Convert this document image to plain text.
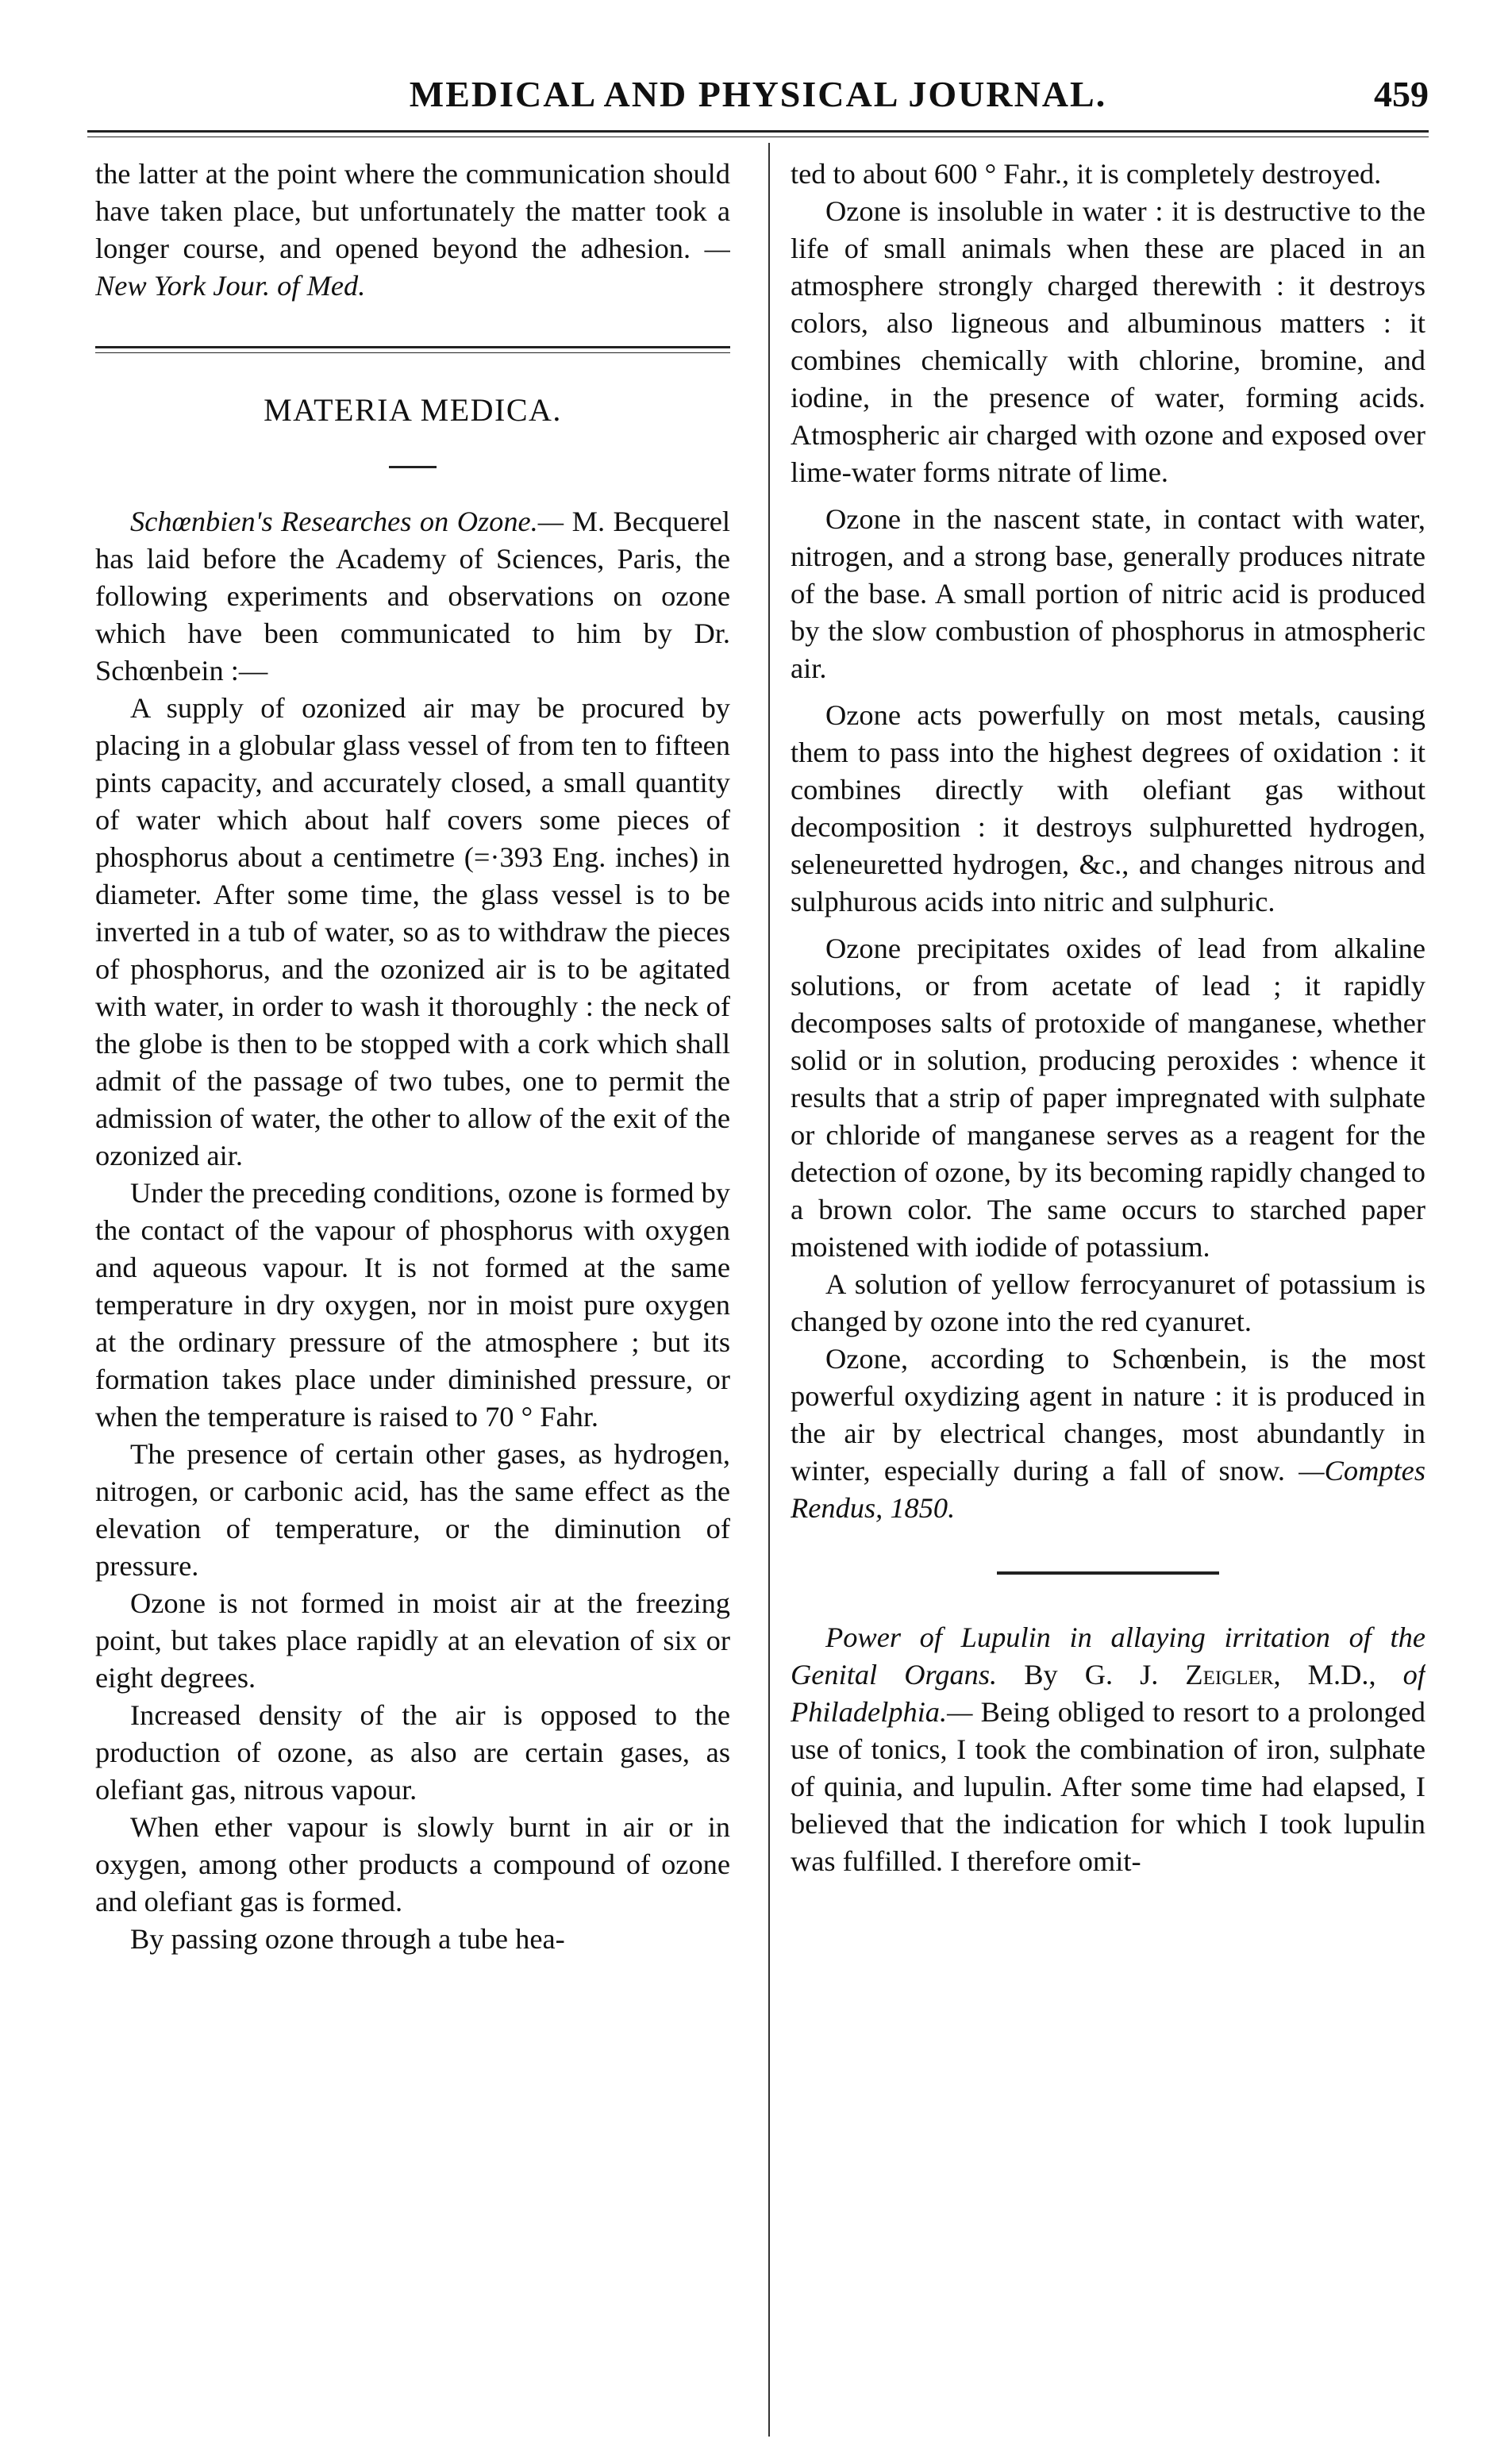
MEDICAL AND PHYSICAL JOURNAL.	459

the latter at the point where the communication should have taken place, but unfortunately the matter took a longer course, and opened beyond the adhesion. —New York Jour. of Med.

MATERIA MEDICA.

Schœnbien's Researches on Ozone.— M. Becquerel has laid before the Academy of Sciences, Paris, the following experiments and observations on ozone which have been communicated to him by Dr. Schœnbein :—

A supply of ozonized air may be procured by placing in a globular glass vessel of from ten to fifteen pints capacity, and accurately closed, a small quantity of water which about half covers some pieces of phosphorus about a centimetre (=·393 Eng. inches) in diameter. After some time, the glass vessel is to be inverted in a tub of water, so as to withdraw the pieces of phosphorus, and the ozonized air is to be agitated with water, in order to wash it thoroughly : the neck of the globe is then to be stopped with a cork which shall admit of the passage of two tubes, one to permit the admission of water, the other to allow of the exit of the ozonized air.

Under the preceding conditions, ozone is formed by the contact of the vapour of phosphorus with oxygen and aqueous vapour. It is not formed at the same temperature in dry oxygen, nor in moist pure oxygen at the ordinary pressure of the atmosphere ; but its formation takes place under diminished pressure, or when the temperature is raised to 70 ° Fahr.

The presence of certain other gases, as hydrogen, nitrogen, or carbonic acid, has the same effect as the elevation of temperature, or the diminution of pressure.

Ozone is not formed in moist air at the freezing point, but takes place rapidly at an elevation of six or eight degrees.

Increased density of the air is opposed to the production of ozone, as also are certain gases, as olefiant gas, nitrous vapour.

When ether vapour is slowly burnt in air or in oxygen, among other products a compound of ozone and olefiant gas is formed.

By passing ozone through a tube hea-

ted to about 600 ° Fahr., it is completely destroyed.

Ozone is insoluble in water : it is destructive to the life of small animals when these are placed in an atmosphere strongly charged therewith : it destroys colors, also ligneous and albuminous matters : it combines chemically with chlorine, bromine, and iodine, in the presence of water, forming acids. Atmospheric air charged with ozone and exposed over lime-water forms nitrate of lime.

Ozone in the nascent state, in contact with water, nitrogen, and a strong base, generally produces nitrate of the base. A small portion of nitric acid is produced by the slow combustion of phosphorus in atmospheric air.

Ozone acts powerfully on most metals, causing them to pass into the highest degrees of oxidation : it combines directly with olefiant gas without decomposition : it destroys sulphuretted hydrogen, seleneuretted hydrogen, &c., and changes nitrous and sulphurous acids into nitric and sulphuric.

Ozone precipitates oxides of lead from alkaline solutions, or from acetate of lead ; it rapidly decomposes salts of protoxide of manganese, whether solid or in solution, producing peroxides : whence it results that a strip of paper impregnated with sulphate or chloride of manganese serves as a reagent for the detection of ozone, by its becoming rapidly changed to a brown color. The same occurs to starched paper moistened with iodide of potassium.

A solution of yellow ferrocyanuret of potassium is changed by ozone into the red cyanuret.

Ozone, according to Schœnbein, is the most powerful oxydizing agent in nature : it is produced in the air by electrical changes, most abundantly in winter, especially during a fall of snow. —Comptes Rendus, 1850.

Power of Lupulin in allaying irritation of the Genital Organs. By G. J. Zeigler, M.D., of Philadelphia.— Being obliged to resort to a prolonged use of tonics, I took the combination of iron, sulphate of quinia, and lupulin. After some time had elapsed, I believed that the indication for which I took lupulin was fulfilled. I therefore omit-
